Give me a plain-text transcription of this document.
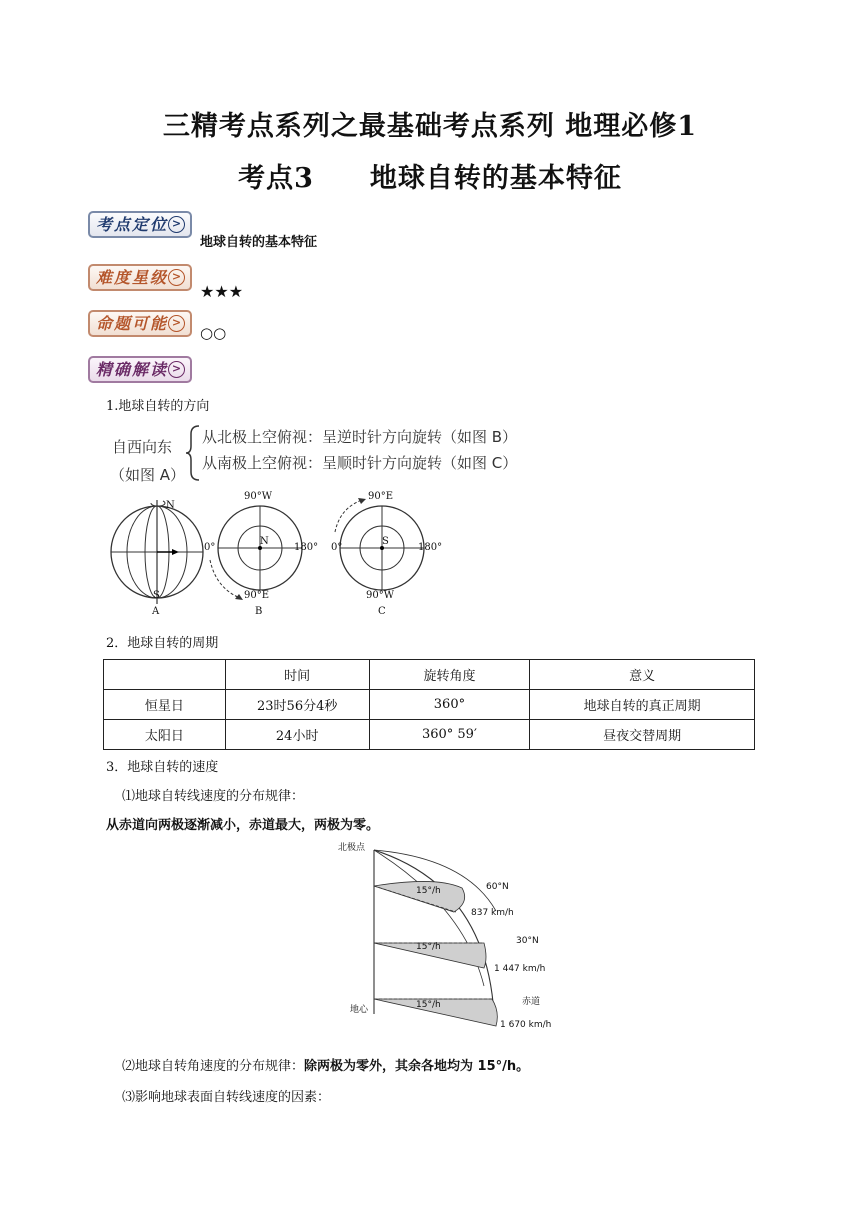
三精考点系列之最基础考点系列 地理必修1
考点3 地球自转的基本特征
考点定位 >
地球自转的基本特征
难度星级 >
★★★
命题可能 >
○○
精确解读 >
1.地球自转的方向
自西向东
（如图 A）
从北极上空俯视：呈逆时针方向旋转（如图 B）
从南极上空俯视：呈顺时针方向旋转（如图 C）
N
S
A
90°W
0°	180°
90°E
N
B
90°E
0°	180°
90°W
S
C
2．地球自转的周期
	时间	旋转角度	意义
恒星日	23时56分4秒	360°	地球自转的真正周期
太阳日	24小时	360° 59′	昼夜交替周期
3．地球自转的速度
⑴地球自转线速度的分布规律：
从赤道向两极逐渐减小，赤道最大，两极为零。
北极点
地心
15°/h
15°/h
15°/h
60°N
837 km/h
30°N
1 447 km/h
赤道
1 670 km/h
⑵地球自转角速度的分布规律：除两极为零外，其余各地均为 15°/h。
⑶影响地球表面自转线速度的因素：
